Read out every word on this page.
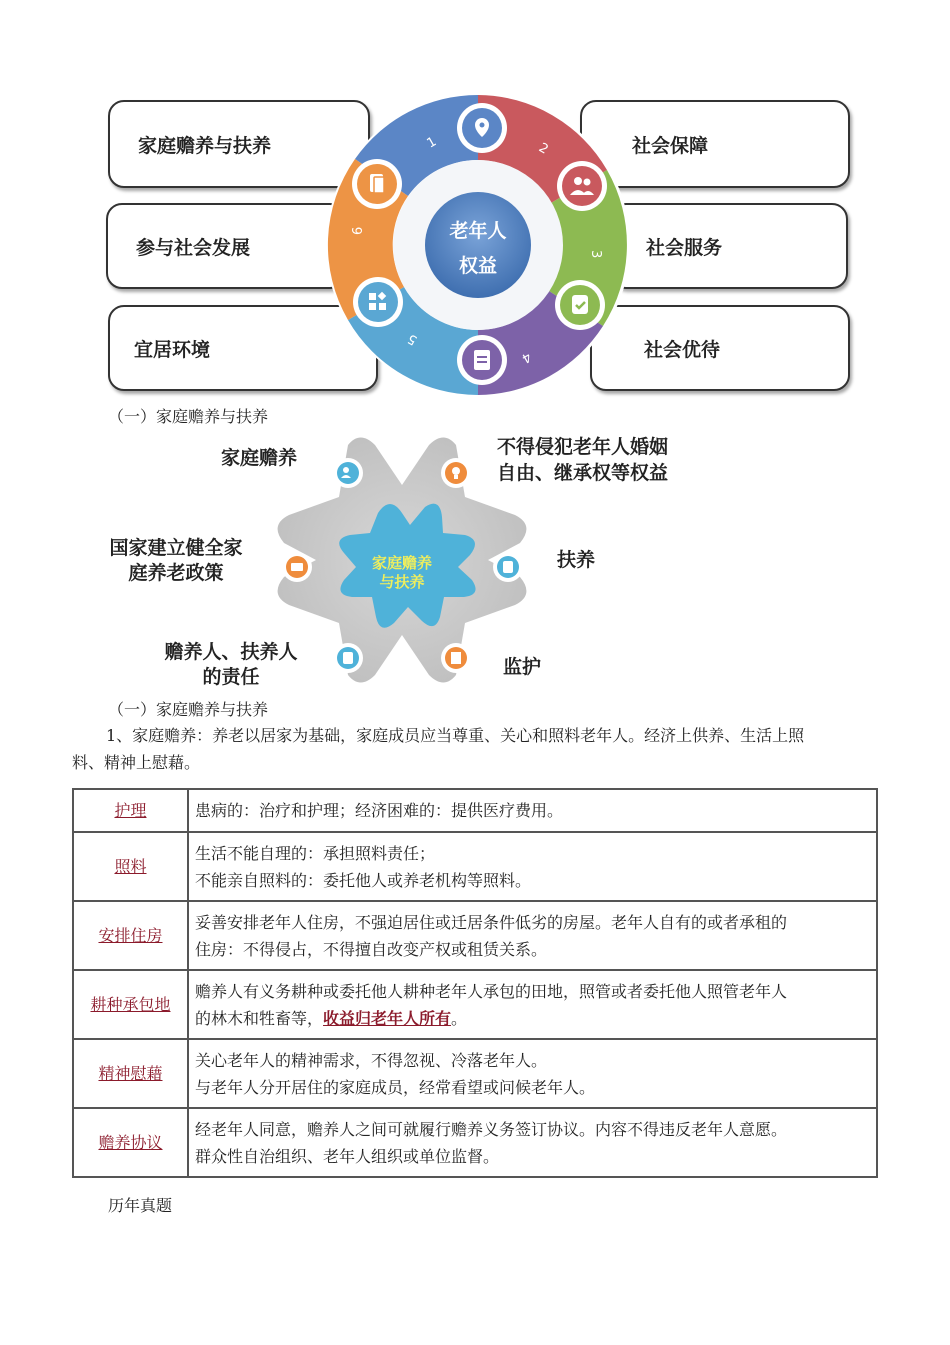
家庭赡养与扶养
参与社会发展
宜居环境
社会保障
社会服务
社会优待
老年人
权益
1	2
3
4
5
6
（一）家庭赡养与扶养
家庭赡养
与扶养
家庭赡养	不得侵犯老年人婚姻
自由、继承权等权益
国家建立健全家
庭养老政策
扶养
赡养人、扶养人
的责任	监护
（一）家庭赡养与扶养
1、家庭赡养：养老以居家为基础，家庭成员应当尊重、关心和照料老年人。经济上供养、生活上照
料、精神上慰藉。
护理	患病的：治疗和护理；经济困难的：提供医疗费用。

照料	生活不能自理的：承担照料责任；
不能亲自照料的：委托他人或养老机构等照料。

安排住房	妥善安排老年人住房，不强迫居住或迁居条件低劣的房屋。老年人自有的或者承租的
住房：不得侵占，不得擅自改变产权或租赁关系。

耕种承包地	赡养人有义务耕种或委托他人耕种老年人承包的田地，照管或者委托他人照管老年人
的林木和牲畜等，收益归老年人所有。

精神慰藉	关心老年人的精神需求，不得忽视、冷落老年人。
与老年人分开居住的家庭成员，经常看望或问候老年人。

赡养协议	经老年人同意，赡养人之间可就履行赡养义务签订协议。内容不得违反老年人意愿。
群众性自治组织、老年人组织或单位监督。
历年真题
